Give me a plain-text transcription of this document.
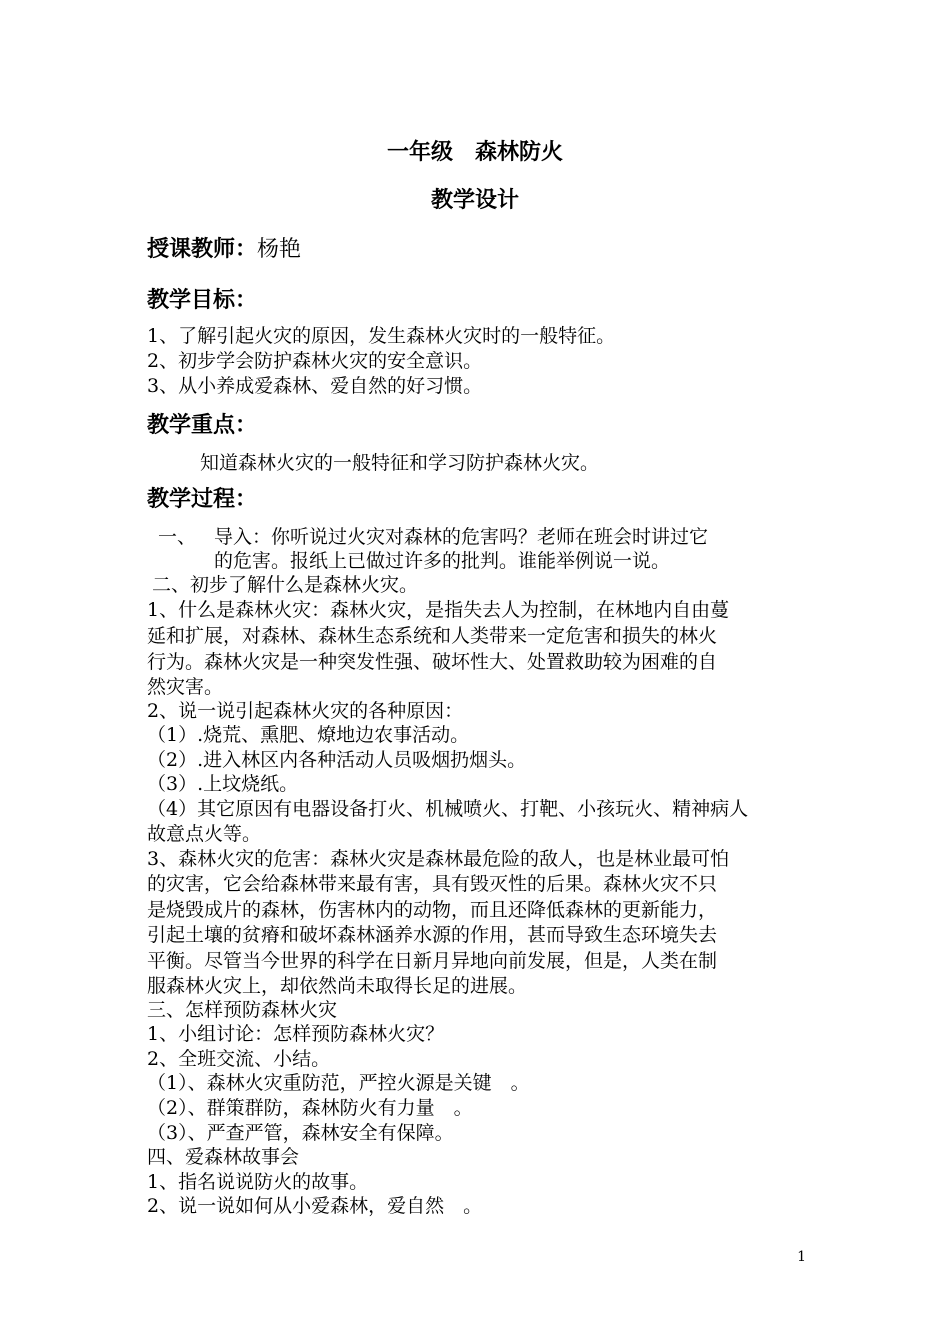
一年级　森林防火
教学设计
授课教师：杨艳
教学目标：
1、了解引起火灾的原因，发生森林火灾时的一般特征。
2、初步学会防护森林火灾的安全意识。
3、从小养成爱森林、爱自然的好习惯。
教学重点：
知道森林火灾的一般特征和学习防护森林火灾。
教学过程：
一、 导入：你听说过火灾对森林的危害吗？老师在班会时讲过它
的危害。报纸上已做过许多的批判。谁能举例说一说。
二、初步了解什么是森林火灾。
1、什么是森林火灾：森林火灾，是指失去人为控制，在林地内自由蔓
延和扩展，对森林、森林生态系统和人类带来一定危害和损失的林火
行为。森林火灾是一种突发性强、破坏性大、处置救助较为困难的自
然灾害。
2、说一说引起森林火灾的各种原因：
（1）.烧荒、熏肥、燎地边农事活动。
（2）.进入林区内各种活动人员吸烟扔烟头。
（3）.上坟烧纸。
（4）其它原因有电器设备打火、机械喷火、打靶、小孩玩火、精神病人
故意点火等。
3、森林火灾的危害：森林火灾是森林最危险的敌人，也是林业最可怕
的灾害，它会给森林带来最有害，具有毁灭性的后果。森林火灾不只
是烧毁成片的森林，伤害林内的动物，而且还降低森林的更新能力，
引起土壤的贫瘠和破坏森林涵养水源的作用，甚而导致生态环境失去
平衡。尽管当今世界的科学在日新月异地向前发展，但是，人类在制
服森林火灾上，却依然尚未取得长足的进展。
三、怎样预防森林火灾
1、小组讨论：怎样预防森林火灾？
2、全班交流、小结。
（1）、森林火灾重防范，严控火源是关键　。
（2）、群策群防，森林防火有力量　。
（3）、严查严管，森林安全有保障。
四、爱森林故事会
1、指名说说防火的故事。
2、说一说如何从小爱森林，爱自然　。
1
